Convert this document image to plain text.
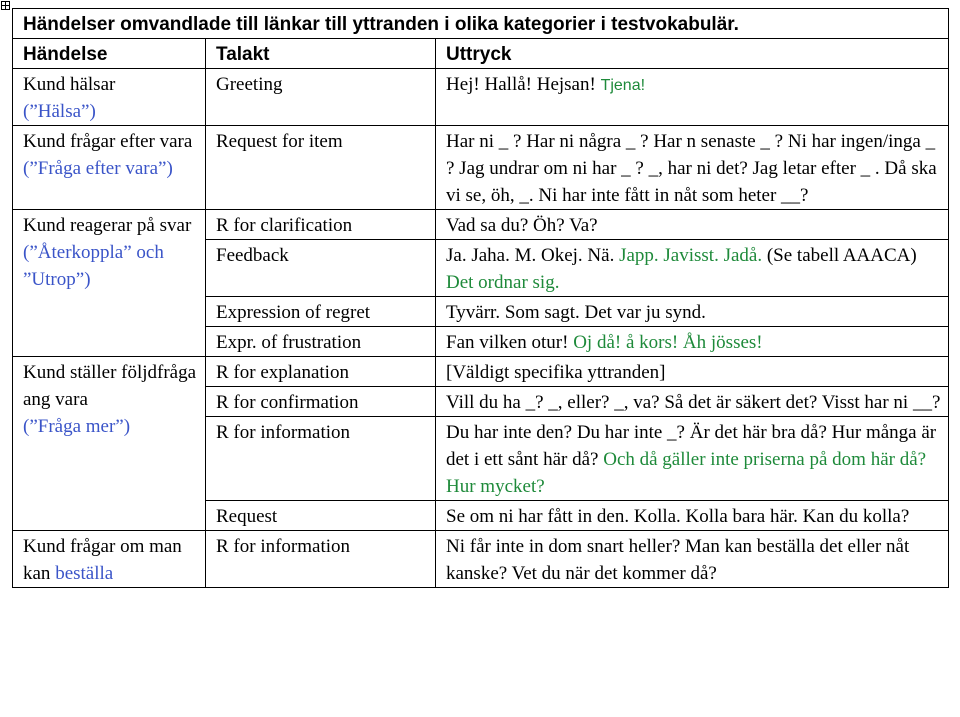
Händelser omvandlade till länkar till yttranden i olika kategorier i testvokabulär.		
Händelse	Talakt	Uttryck
Kund hälsar
(”Hälsa”)	Greeting	Hej! Hallå! Hejsan! Tjena!
Kund frågar efter vara
(”Fråga efter vara”)	Request for item	Har ni _ ? Har ni några _ ? Har n senaste _ ? Ni har ingen/inga _ ? Jag undrar om ni har _ ? _, har ni det? Jag letar efter _ . Då ska vi se, öh, _. Ni har inte fått in nåt som heter __?
Kund reagerar på svar
(”Återkoppla” och ”Utrop”)	R for clarification	Vad sa du? Öh? Va?
	Feedback	Ja. Jaha. M. Okej. Nä. Japp. Javisst. Jadå. (Se tabell AAACA) Det ordnar sig.
	Expression of regret	Tyvärr. Som sagt. Det var ju synd.
	Expr. of frustration	Fan vilken otur! Oj då! å kors! Åh jösses!
Kund ställer följdfråga ang vara
(”Fråga mer”)	R for explanation	[Väldigt specifika yttranden]
	R for confirmation	Vill du ha _? _, eller? _, va? Så det är säkert det? Visst har ni __?
	R for information	Du har inte den? Du har inte _? Är det här bra då? Hur många är det i ett sånt här då? Och då gäller inte priserna på dom här då? Hur mycket?
	Request	Se om ni har fått in den. Kolla. Kolla bara här. Kan du kolla?
Kund frågar om man kan beställa	R for information	Ni får inte in dom snart heller? Man kan beställa det eller nåt kanske? Vet du när det kommer då?
